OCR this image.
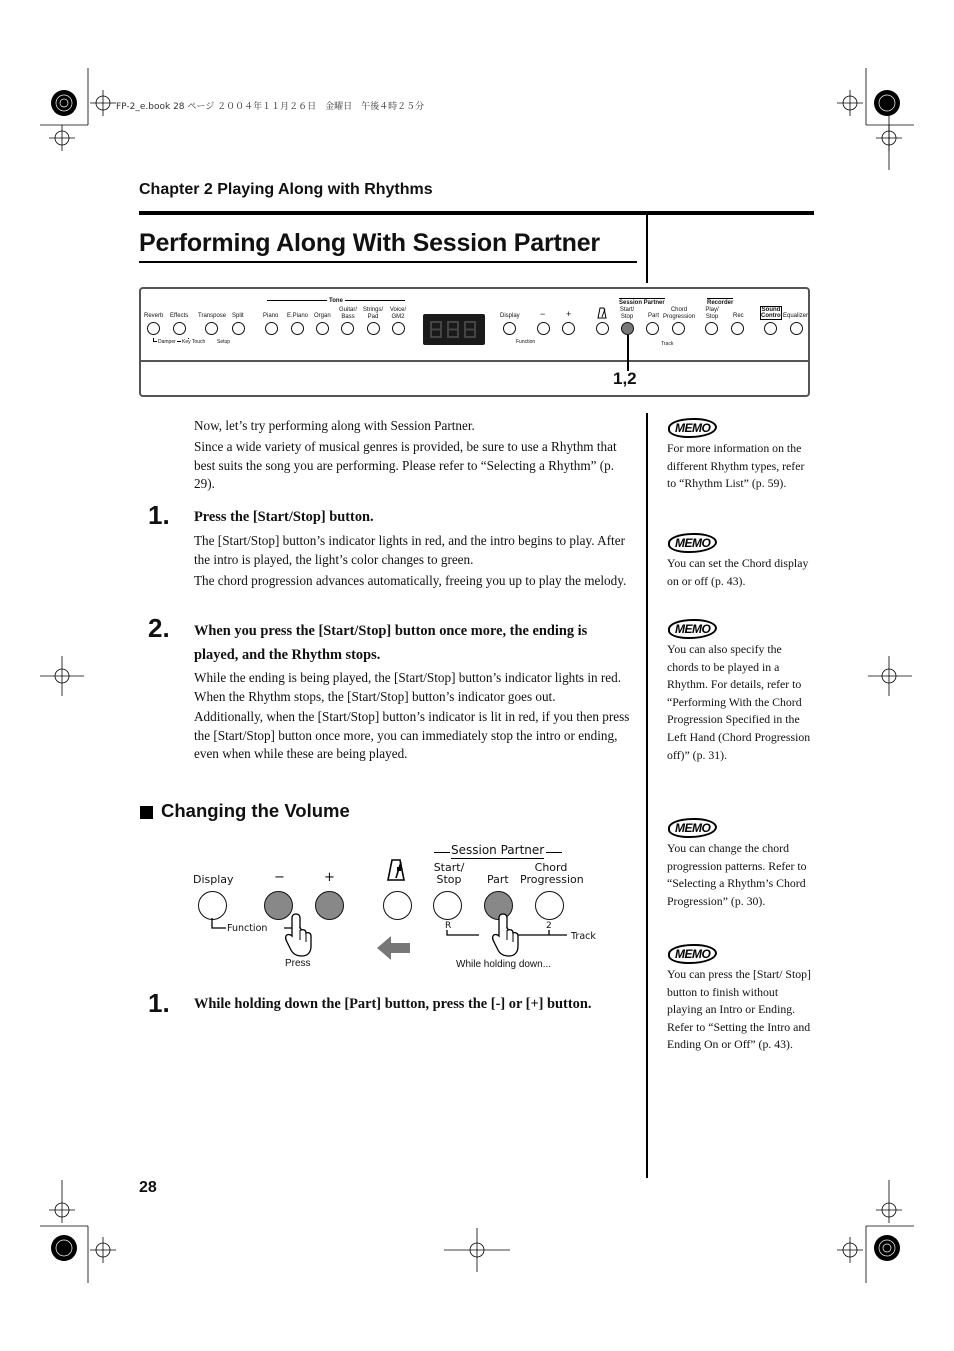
FP-2_e.book 28 ページ ２００４年１１月２６日　金曜日　午後４時２５分
Chapter 2 Playing Along with Rhythms
Performing Along With Session Partner
1,2
Tone	Session Partner	Recorder
Reverb Effects Transpose Split	Piano E.Piano Organ
Guitar/ Bass
Strings/ Pad
Voice/ GM2	Display − +	Start/ Stop	Part
Chord Progression
Play/ Stop	Rec
Sound Control Equalizer
Damper Key Touch Setup	Function	Track
Now, let’s try performing along with Session Partner.
Since a wide variety of musical genres is provided, be sure to use a Rhythm that best suits the song you are performing. Please refer to “Selecting a Rhythm” (p. 29).
1. Press the [Start/Stop] button.
The [Start/Stop] button’s indicator lights in red, and the intro begins to play. After the intro is played, the light’s color changes to green.
The chord progression advances automatically, freeing you up to play the melody.
2. When you press the [Start/Stop] button once more, the ending is played, and the Rhythm stops.
While the ending is being played, the [Start/Stop] button’s indicator lights in red. When the Rhythm stops, the [Start/Stop] button’s indicator goes out.
Additionally, when the [Start/Stop] button’s indicator is lit in red, if you then press the [Start/Stop] button once more, you can immediately stop the intro or ending, even when while these are being played.
Changing the Volume
Display	−	+
Session Partner
Start/ Stop	Part
Chord Progression
Function	R	2
Track
Press	While holding down...
1. While holding down the [Part] button, press the [-] or [+] button.
MEMO
For more information on the different Rhythm types, refer to “Rhythm List” (p. 59).
MEMO
You can set the Chord display on or off (p. 43).
MEMO
You can also specify the chords to be played in a Rhythm. For details, refer to “Performing With the Chord Progression Specified in the Left Hand (Chord Progression off)” (p. 31).
MEMO
You can change the chord progression patterns. Refer to “Selecting a Rhythm’s Chord Progression” (p. 30).
MEMO
You can press the [Start/ Stop] button to finish without playing an Intro or Ending. Refer to “Setting the Intro and Ending On or Off” (p. 43).
28
